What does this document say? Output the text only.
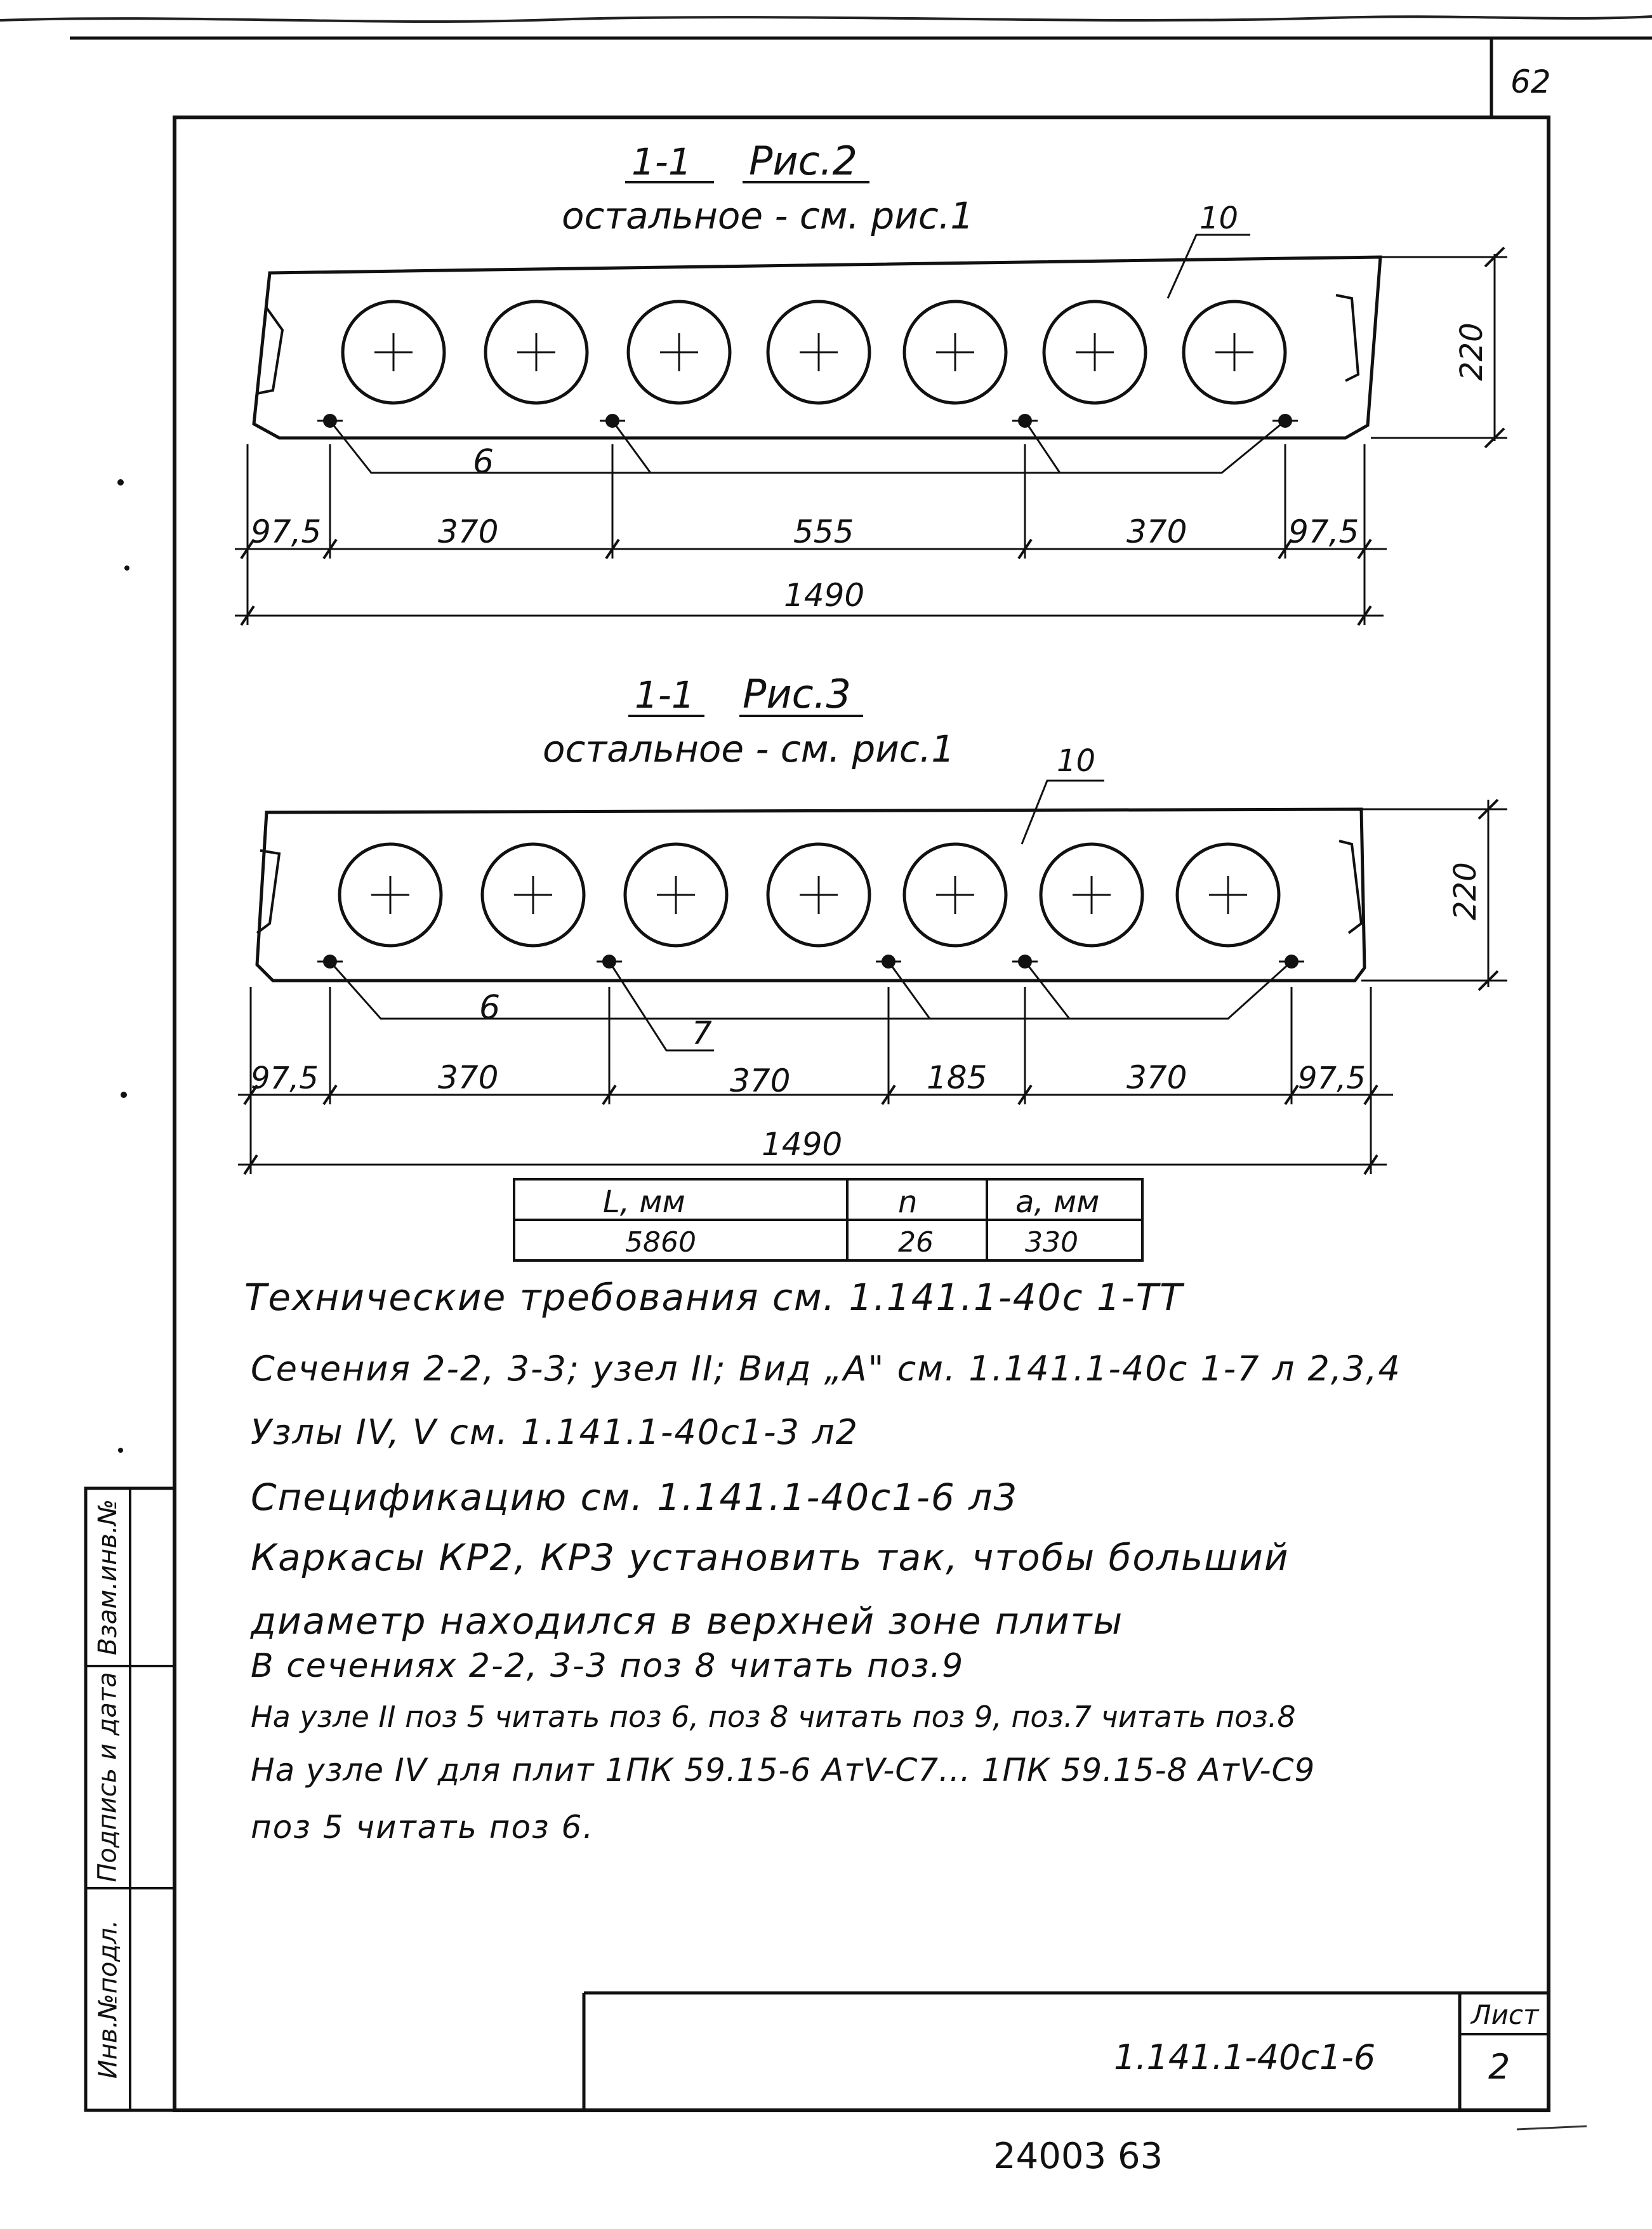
1-1 Рис.2
остальное - см. рис.1	10
6
220
97,5	370	555	370	97,5
1490
1-1 Рис.3
остальное - см. рис.1	10
6
7
220
97,5	370	370	185	370	97,5
1490
L, мм	n	a, мм
5860	26	330
62
24003 63
Технические требования см. 1.141.1-40с 1-ТТ
Сечения 2-2, 3-3; узел II; Вид „А" см. 1.141.1-40с 1-7 л 2,3,4
Узлы IV, V см. 1.141.1-40с1-3 л2
Спецификацию см. 1.141.1-40с1-6 л3
Каркасы КР2, КР3 установить так, чтобы больший
диаметр находился в верхней зоне плиты
В сечениях 2-2, 3-3 поз 8 читать поз.9
На узле II поз 5 читать поз 6, поз 8 читать поз 9, поз.7 читать поз.8
На узле IV для плит 1ПК 59.15-6 АтV-С7... 1ПК 59.15-8 АтV-С9
поз 5 читать поз 6.
Инв.№подл.
Подпись и дата
Взам.инв.№
1.141.1-40с1-6
Лист
2
